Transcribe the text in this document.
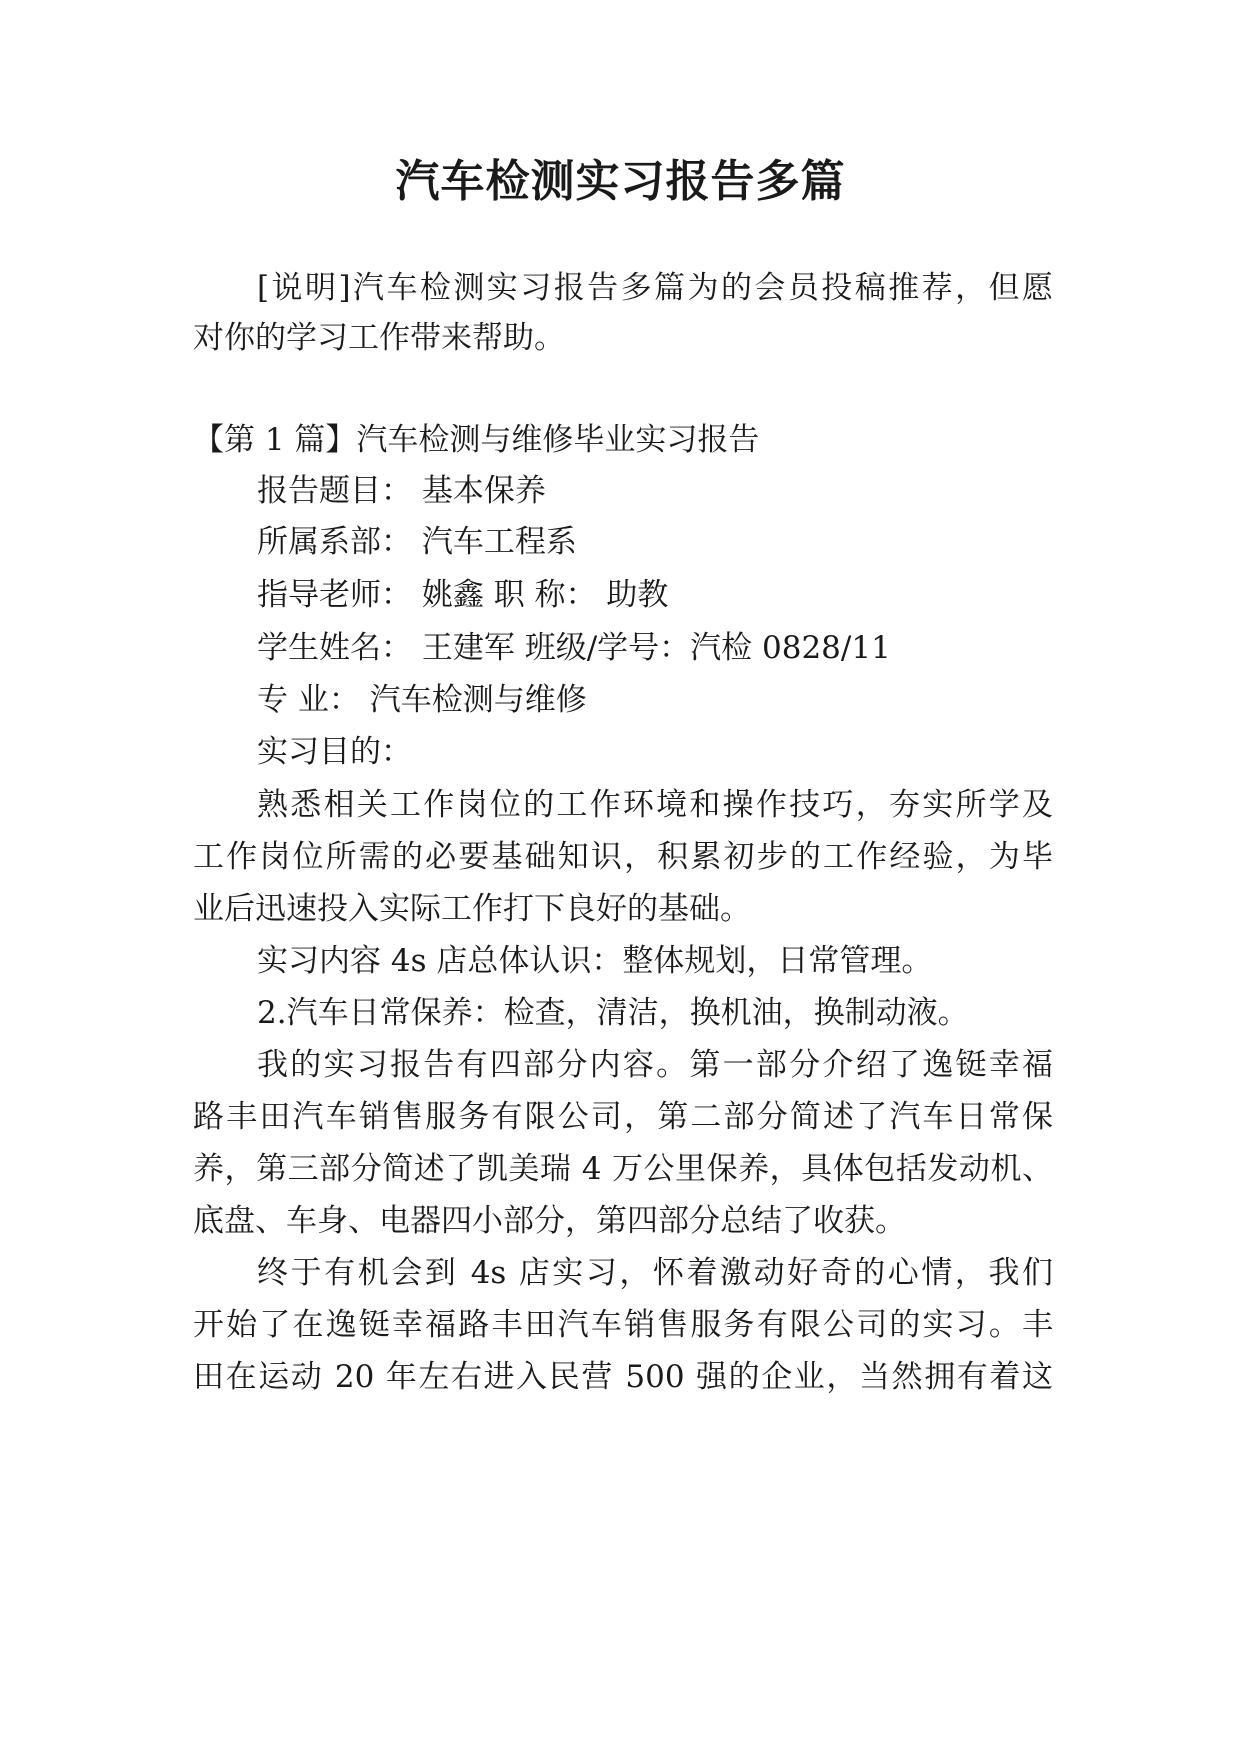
汽车检测实习报告多篇
[说明]汽车检测实习报告多篇为的会员投稿推荐，但愿
对你的学习工作带来帮助。
【第 1 篇】汽车检测与维修毕业实习报告
报告题目： 基本保养
所属系部： 汽车工程系
指导老师： 姚鑫 职 称： 助教
学生姓名： 王建军 班级/学号：汽检 0828/11
专 业： 汽车检测与维修
实习目的：
熟悉相关工作岗位的工作环境和操作技巧，夯实所学及
工作岗位所需的必要基础知识，积累初步的工作经验，为毕
业后迅速投入实际工作打下良好的基础。
实习内容 4s 店总体认识：整体规划，日常管理。
2.汽车日常保养：检查，清洁，换机油，换制动液。
我的实习报告有四部分内容。第一部分介绍了逸铤幸福
路丰田汽车销售服务有限公司，第二部分简述了汽车日常保
养，第三部分简述了凯美瑞 4 万公里保养，具体包括发动机、
底盘、车身、电器四小部分，第四部分总结了收获。
终于有机会到 4s 店实习，怀着激动好奇的心情，我们
开始了在逸铤幸福路丰田汽车销售服务有限公司的实习。丰
田在运动 20 年左右进入民营 500 强的企业，当然拥有着这
